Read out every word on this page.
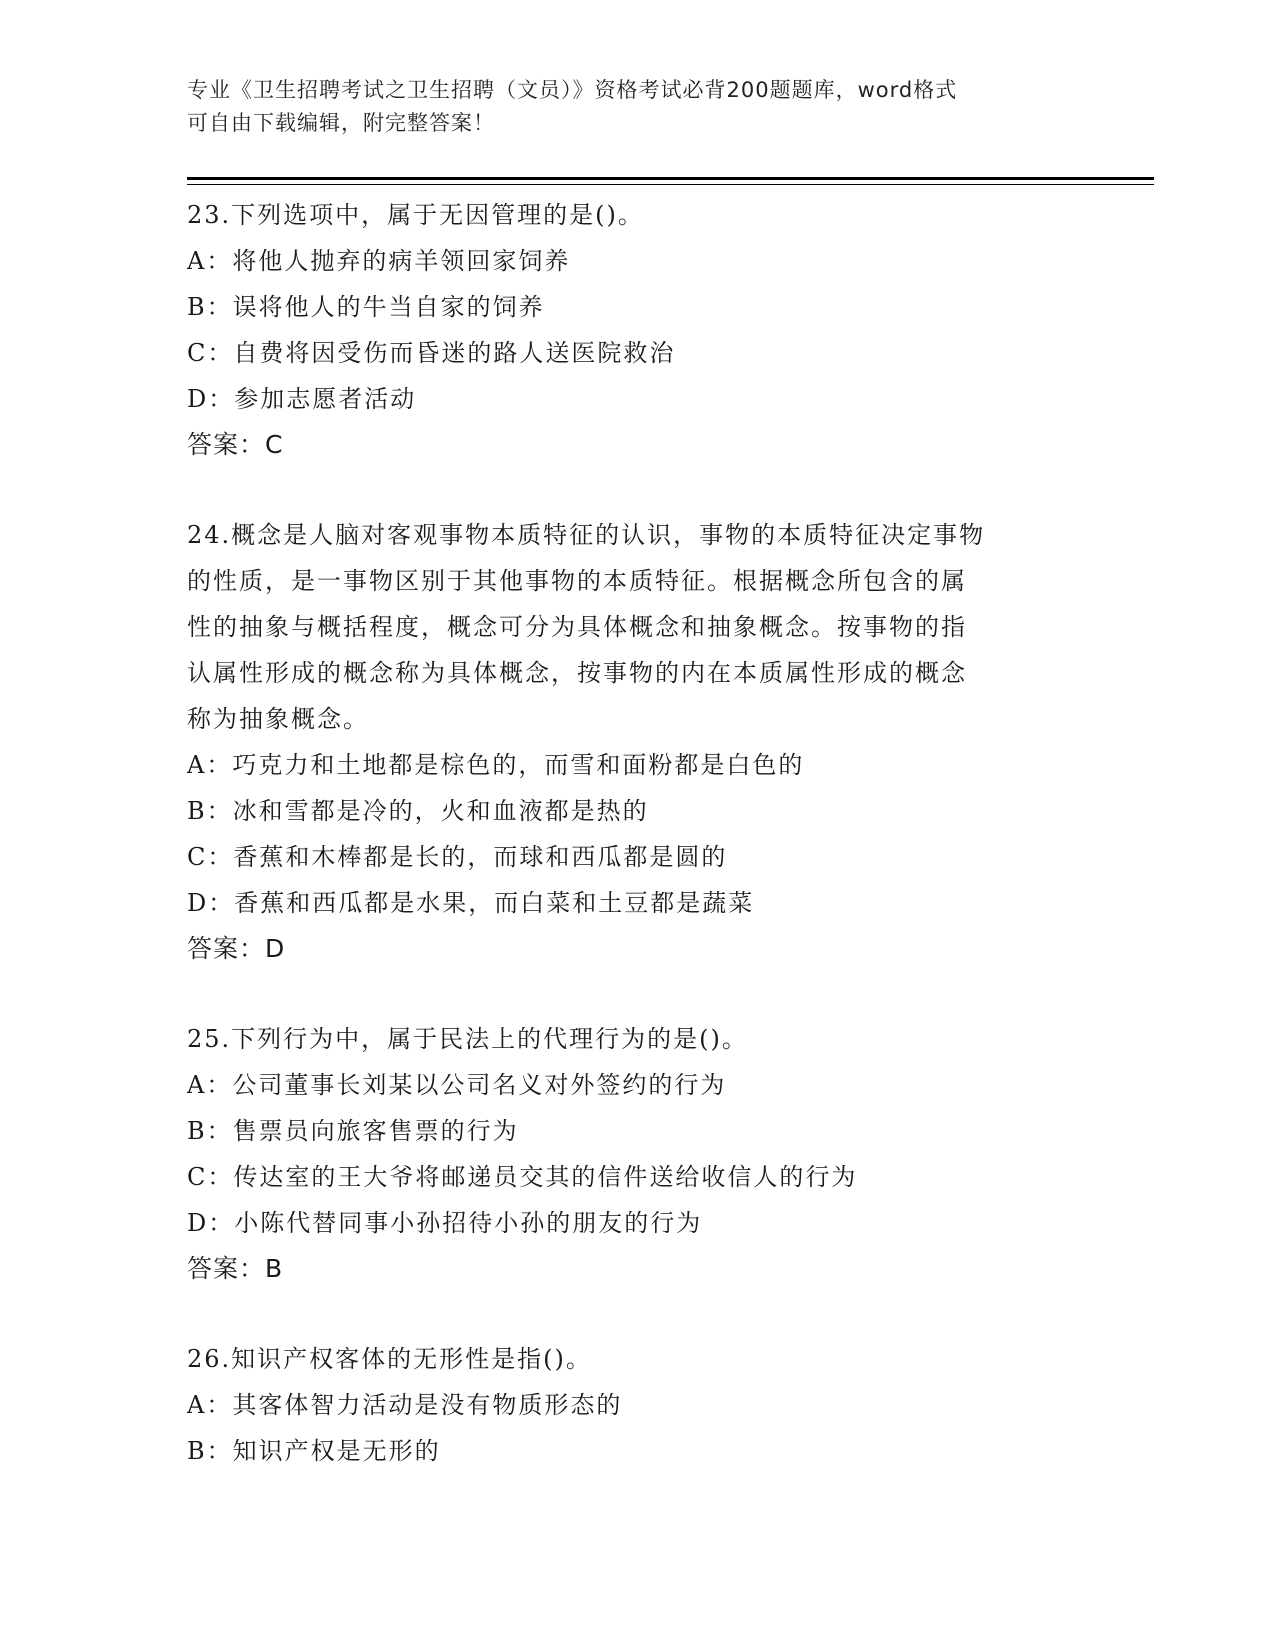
专业《卫生招聘考试之卫生招聘（文员）》资格考试必背200题题库，word格式
可自由下载编辑，附完整答案！

23.下列选项中，属于无因管理的是()。

A：将他人抛弃的病羊领回家饲养

B：误将他人的牛当自家的饲养

C：自费将因受伤而昏迷的路人送医院救治

D：参加志愿者活动

答案：C

24.概念是人脑对客观事物本质特征的认识，事物的本质特征决定事物

的性质，是一事物区别于其他事物的本质特征。根据概念所包含的属

性的抽象与概括程度，概念可分为具体概念和抽象概念。按事物的指

认属性形成的概念称为具体概念，按事物的内在本质属性形成的概念

称为抽象概念。

A：巧克力和土地都是棕色的，而雪和面粉都是白色的

B：冰和雪都是冷的，火和血液都是热的

C：香蕉和木棒都是长的，而球和西瓜都是圆的

D：香蕉和西瓜都是水果，而白菜和土豆都是蔬菜

答案：D

25.下列行为中，属于民法上的代理行为的是()。

A：公司董事长刘某以公司名义对外签约的行为

B：售票员向旅客售票的行为

C：传达室的王大爷将邮递员交其的信件送给收信人的行为

D：小陈代替同事小孙招待小孙的朋友的行为

答案：B

26.知识产权客体的无形性是指()。

A：其客体智力活动是没有物质形态的

B：知识产权是无形的
